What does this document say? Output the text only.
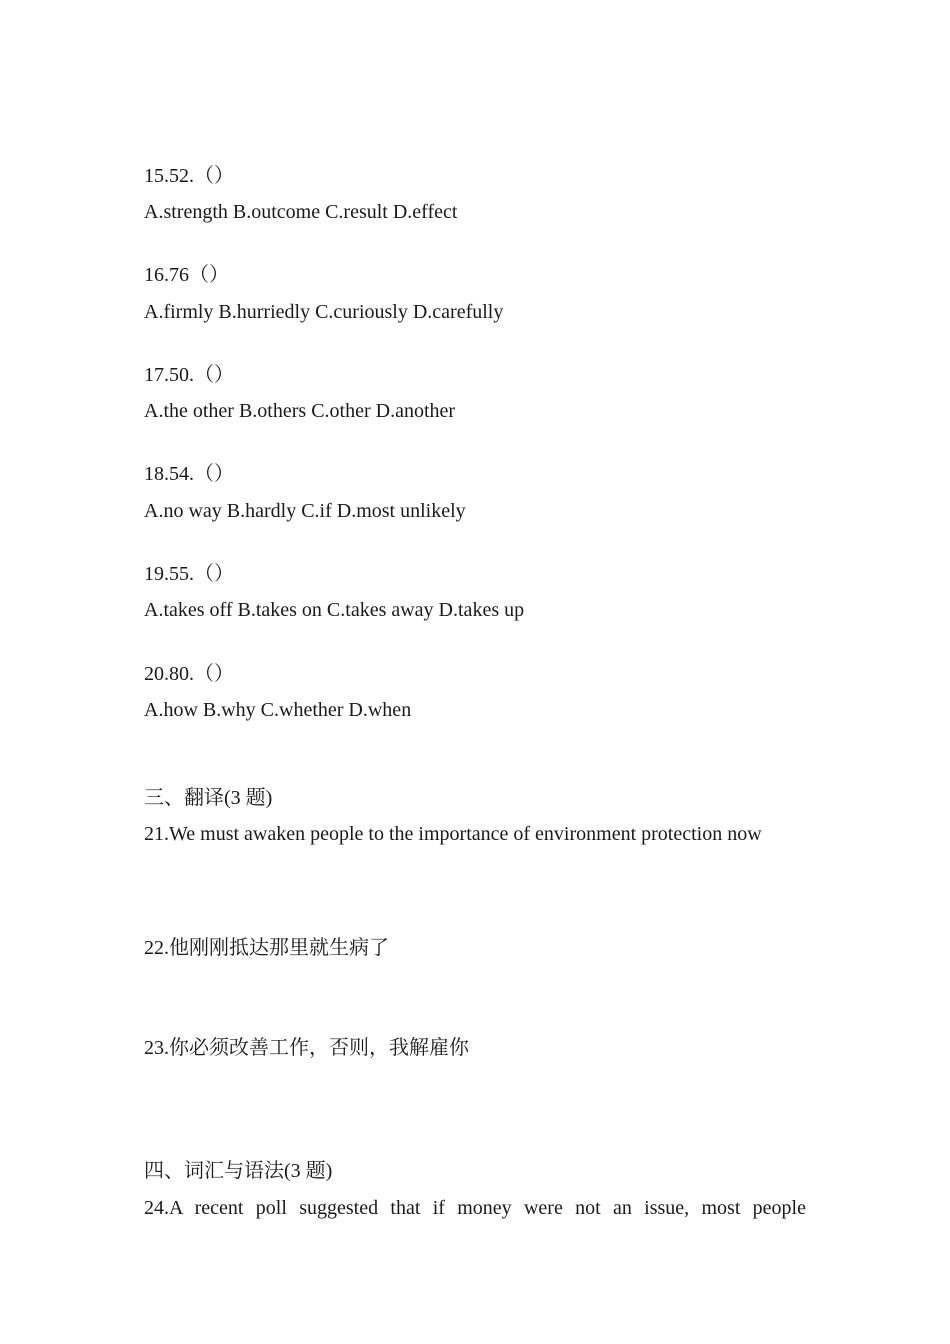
15.52.（）
A.strength B.outcome C.result D.effect
16.76（）
A.firmly B.hurriedly C.curiously D.carefully
17.50.（）
A.the other B.others C.other D.another
18.54.（）
A.no way B.hardly C.if D.most unlikely
19.55.（）
A.takes off B.takes on C.takes away D.takes up
20.80.（）
A.how B.why C.whether D.when
三、翻译(3 题)
21.We must awaken people to the importance of environment protection now
22.他刚刚抵达那里就生病了
23.你必须改善工作，否则，我解雇你
四、词汇与语法(3 题)
24.A recent poll suggested that if money were not an issue, most people
